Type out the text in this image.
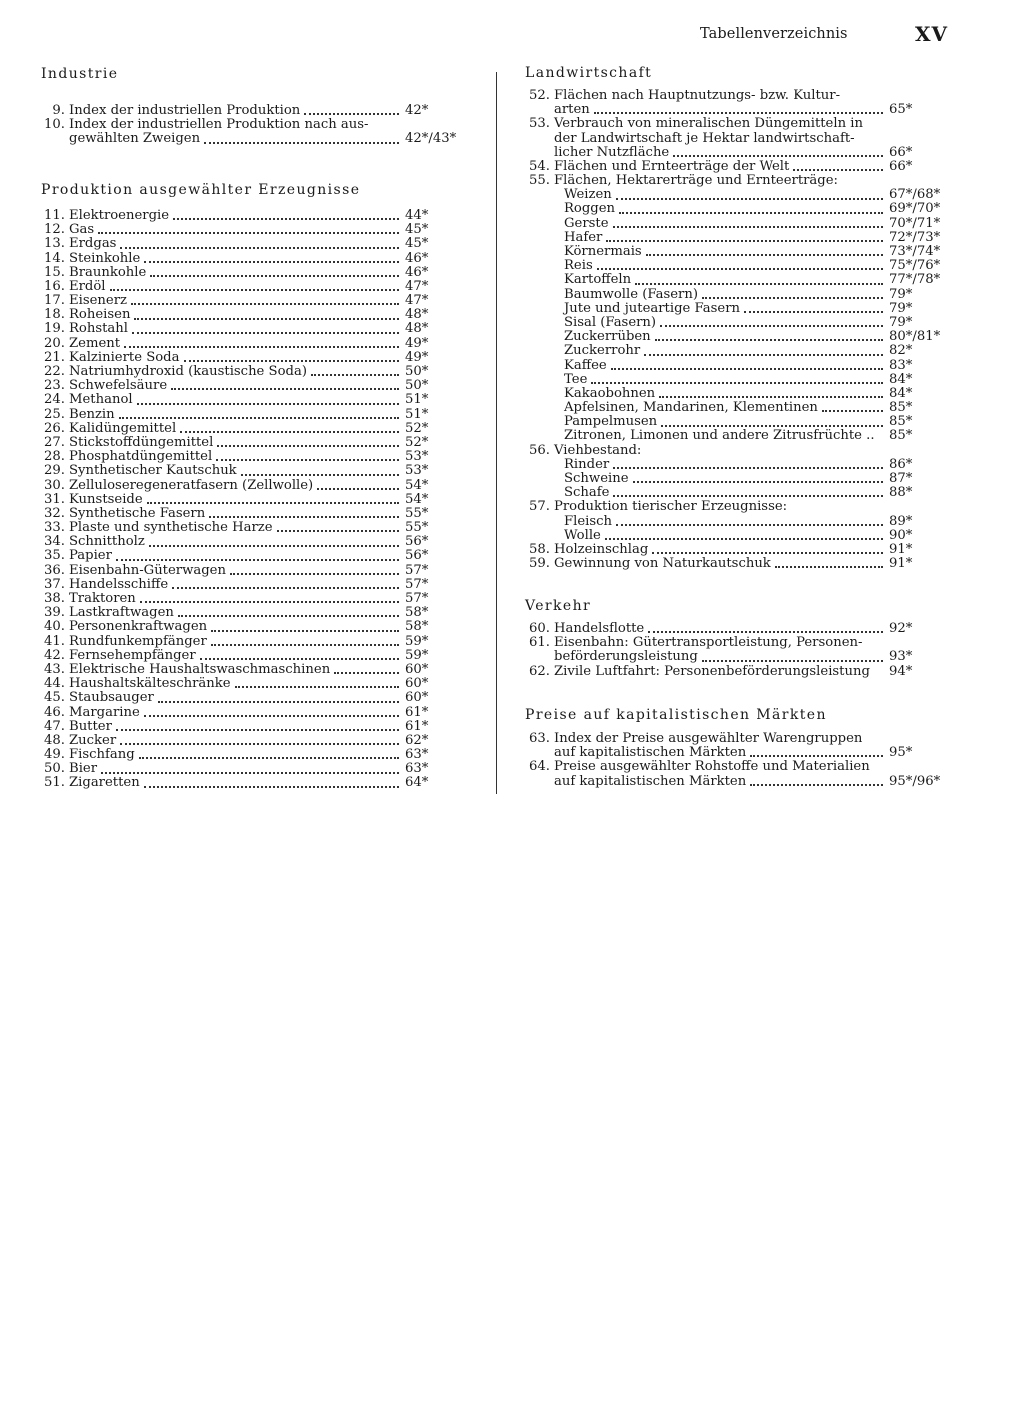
Tabellenverzeichnis	XV
Industrie
9. Index der industriellen Produktion	42*
10. Index der industriellen Produktion nach aus-
gewählten Zweigen	42*/43*
Produktion ausgewählter Erzeugnisse
11. Elektroenergie	44*
12. Gas	45*
13. Erdgas	45*
14. Steinkohle	46*
15. Braunkohle	46*
16. Erdöl	47*
17. Eisenerz	47*
18. Roheisen	48*
19. Rohstahl	48*
20. Zement	49*
21. Kalzinierte Soda	49*
22. Natriumhydroxid (kaustische Soda)	50*
23. Schwefelsäure	50*
24. Methanol	51*
25. Benzin	51*
26. Kalidüngemittel	52*
27. Stickstoffdüngemittel	52*
28. Phosphatdüngemittel	53*
29. Synthetischer Kautschuk	53*
30. Zelluloseregeneratfasern (Zellwolle)	54*
31. Kunstseide	54*
32. Synthetische Fasern	55*
33. Plaste und synthetische Harze	55*
34. Schnittholz	56*
35. Papier	56*
36. Eisenbahn-Güterwagen	57*
37. Handelsschiffe	57*
38. Traktoren	57*
39. Lastkraftwagen	58*
40. Personenkraftwagen	58*
41. Rundfunkempfänger	59*
42. Fernsehempfänger	59*
43. Elektrische Haushaltswaschmaschinen	60*
44. Haushaltskälteschränke	60*
45. Staubsauger	60*
46. Margarine	61*
47. Butter	61*
48. Zucker	62*
49. Fischfang	63*
50. Bier	63*
51. Zigaretten	64*
Landwirtschaft
52. Flächen nach Hauptnutzungs- bzw. Kultur-
arten	65*
53. Verbrauch von mineralischen Düngemitteln in
der Landwirtschaft je Hektar landwirtschaft-
licher Nutzfläche	66*
54. Flächen und Ernteerträge der Welt	66*
55. Flächen, Hektarerträge und Ernteerträge:
Weizen	67*/68*
Roggen	69*/70*
Gerste	70*/71*
Hafer	72*/73*
Körnermais	73*/74*
Reis	75*/76*
Kartoffeln	77*/78*
Baumwolle (Fasern)	79*
Jute und juteartige Fasern	79*
Sisal (Fasern)	79*
Zuckerrüben	80*/81*
Zuckerrohr	82*
Kaffee	83*
Tee	84*
Kakaobohnen	84*
Apfelsinen, Mandarinen, Klementinen	85*
Pampelmusen	85*
Zitronen, Limonen und andere Zitrusfrüchte .. 85*
56. Viehbestand:
Rinder	86*
Schweine	87*
Schafe	88*
57. Produktion tierischer Erzeugnisse:
Fleisch	89*
Wolle	90*
58. Holzeinschlag	91*
59. Gewinnung von Naturkautschuk	91*
Verkehr
60. Handelsflotte	92*
61. Eisenbahn: Gütertransportleistung, Personen-
beförderungsleistung	93*
62. Zivile Luftfahrt: Personenbeförderungsleistung 94*
Preise auf kapitalistischen Märkten
63. Index der Preise ausgewählter Warengruppen
auf kapitalistischen Märkten	95*
64. Preise ausgewählter Rohstoffe und Materialien
auf kapitalistischen Märkten	95*/96*
